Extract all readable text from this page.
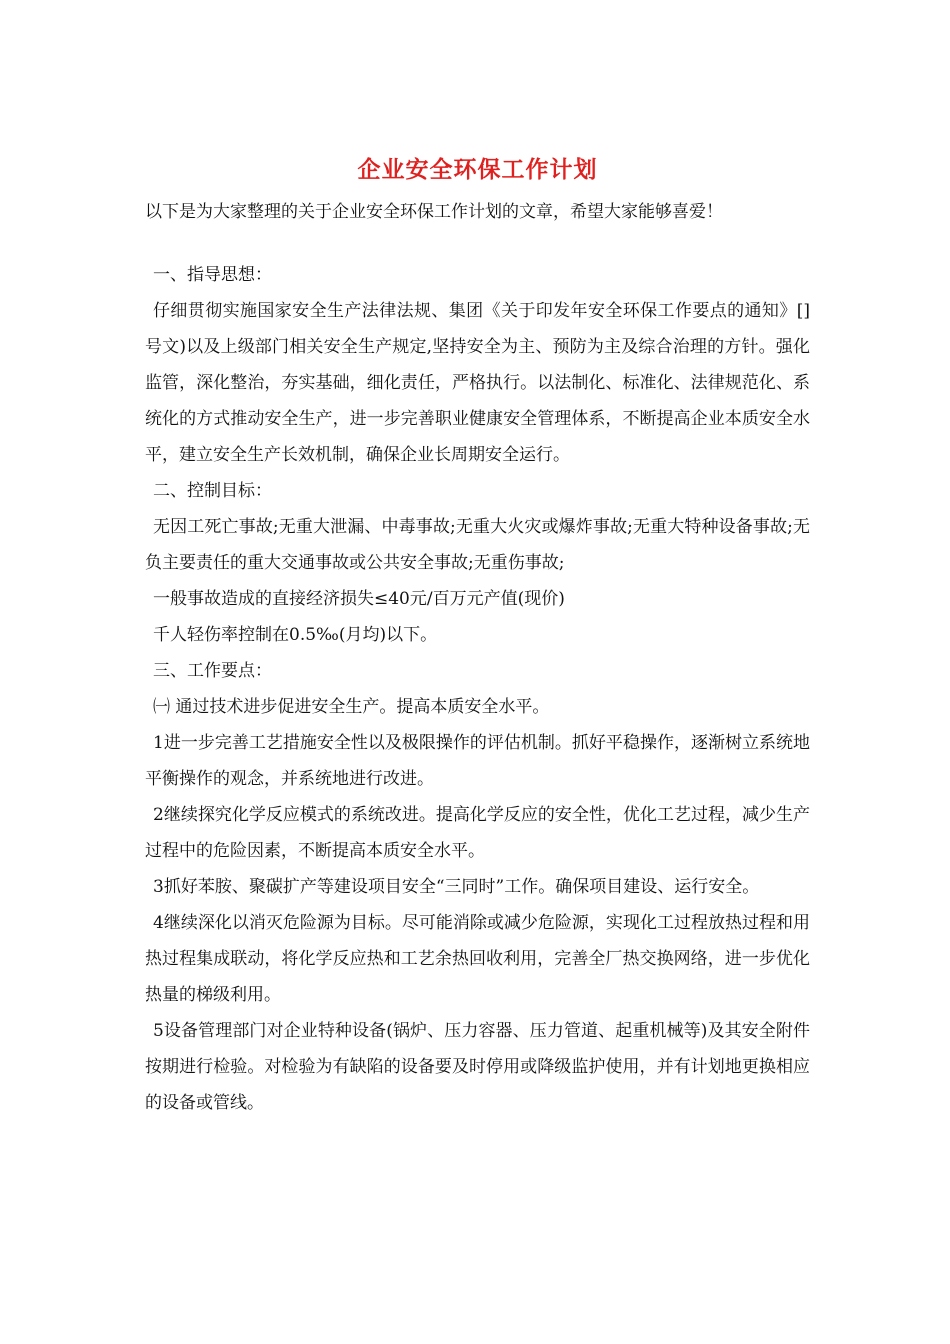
企业安全环保工作计划

以下是为大家整理的关于企业安全环保工作计划的文章，希望大家能够喜爱！

一、指导思想：

仔细贯彻实施国家安全生产法律法规、集团《关于印发年安全环保工作要点的通知》[]号文)以及上级部门相关安全生产规定,坚持安全为主、预防为主及综合治理的方针。强化监管，深化整治，夯实基础，细化责任，严格执行。以法制化、标准化、法律规范化、系统化的方式推动安全生产，进一步完善职业健康安全管理体系，不断提高企业本质安全水平，建立安全生产长效机制，确保企业长周期安全运行。

二、控制目标：

无因工死亡事故;无重大泄漏、中毒事故;无重大火灾或爆炸事故;无重大特种设备事故;无负主要责任的重大交通事故或公共安全事故;无重伤事故;

一般事故造成的直接经济损失≤40元/百万元产值(现价)

千人轻伤率控制在0.5‰(月均)以下。

三、工作要点：

㈠ 通过技术进步促进安全生产。提高本质安全水平。

1进一步完善工艺措施安全性以及极限操作的评估机制。抓好平稳操作，逐渐树立系统地平衡操作的观念，并系统地进行改进。

2继续探究化学反应模式的系统改进。提高化学反应的安全性，优化工艺过程，减少生产过程中的危险因素，不断提高本质安全水平。

3抓好苯胺、聚碳扩产等建设项目安全“三同时”工作。确保项目建设、运行安全。

4继续深化以消灭危险源为目标。尽可能消除或减少危险源，实现化工过程放热过程和用热过程集成联动，将化学反应热和工艺余热回收利用，完善全厂热交换网络，进一步优化热量的梯级利用。

5设备管理部门对企业特种设备(锅炉、压力容器、压力管道、起重机械等)及其安全附件按期进行检验。对检验为有缺陷的设备要及时停用或降级监护使用，并有计划地更换相应的设备或管线。
